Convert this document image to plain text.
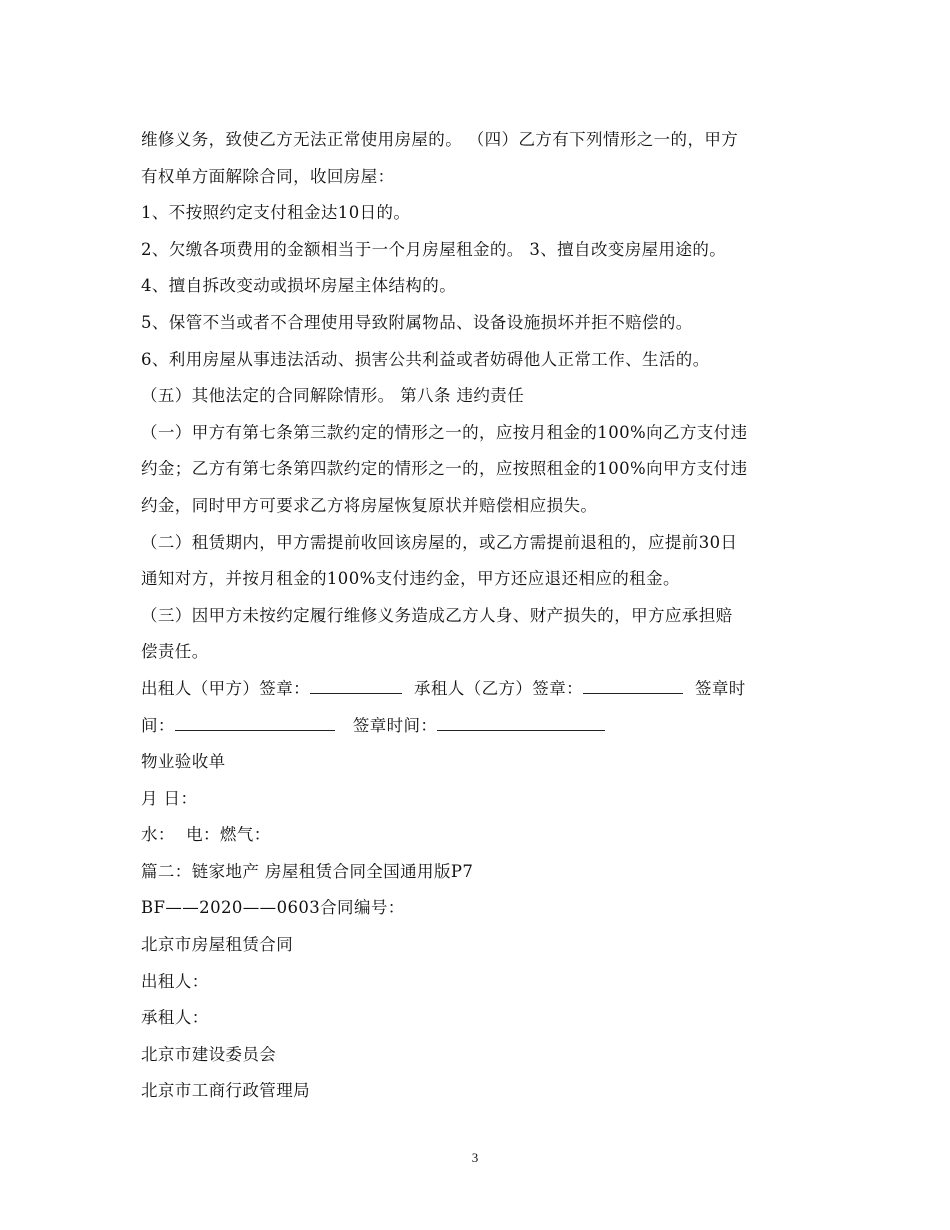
维修义务，致使乙方无法正常使用房屋的。 （四）乙方有下列情形之一的，甲方
有权单方面解除合同，收回房屋：
1、不按照约定支付租金达10日的。
2、欠缴各项费用的金额相当于一个月房屋租金的。 3、擅自改变房屋用途的。
4、擅自拆改变动或损坏房屋主体结构的。
5、保管不当或者不合理使用导致附属物品、设备设施损坏并拒不赔偿的。
6、利用房屋从事违法活动、损害公共利益或者妨碍他人正常工作、生活的。
（五）其他法定的合同解除情形。 第八条 违约责任
（一）甲方有第七条第三款约定的情形之一的，应按月租金的100%向乙方支付违
约金；乙方有第七条第四款约定的情形之一的，应按照租金的100%向甲方支付违
约金，同时甲方可要求乙方将房屋恢复原状并赔偿相应损失。
（二）租赁期内，甲方需提前收回该房屋的，或乙方需提前退租的，应提前30日
通知对方，并按月租金的100%支付违约金，甲方还应退还相应的租金。
（三）因甲方未按约定履行维修义务造成乙方人身、财产损失的，甲方应承担赔
偿责任。
出租人（甲方）签章：	承租人（乙方）签章：	签章时
间：	签章时间：
物业验收单
月 日：
水：  电：燃气：
篇二：链家地产 房屋租赁合同全国通用版P7
BF——2020——0603合同编号：
北京市房屋租赁合同
出租人：
承租人：
北京市建设委员会
北京市工商行政管理局
3
